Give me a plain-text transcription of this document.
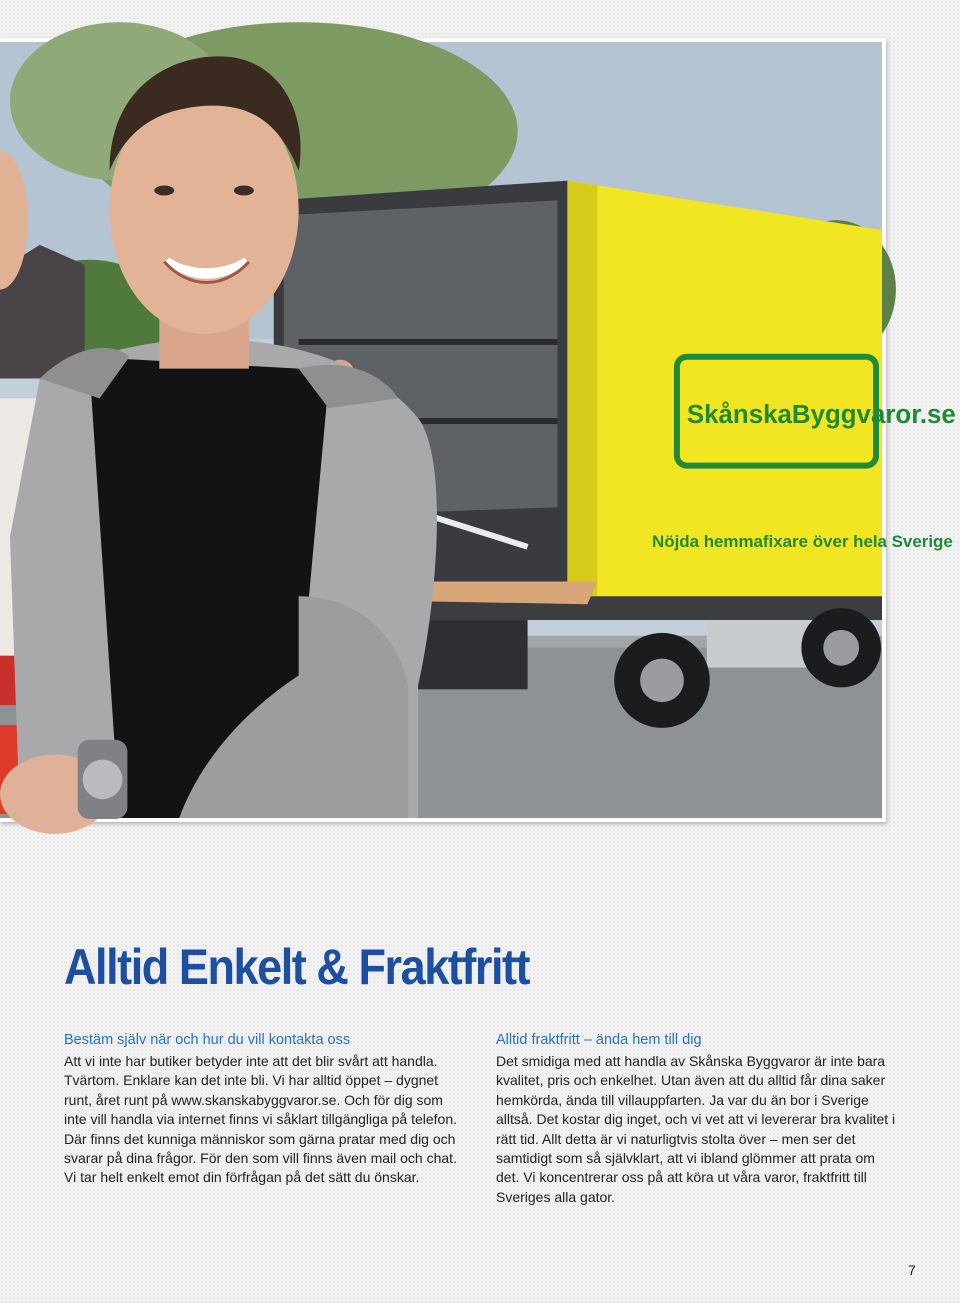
SkånskaByggvaror.se
Nöjda hemmafixare över hela Sverige
Alltid Enkelt & Fraktfritt
Bestäm själv när och hur du vill kontakta oss

Att vi inte har butiker betyder inte att det blir svårt att handla. Tvärtom. Enklare kan det inte bli. Vi har alltid öppet – dygnet runt, året runt på www.skanskabyggvaror.se. Och för dig som inte vill handla via internet finns vi såklart tillgängliga på telefon. Där finns det kunniga människor som gärna pratar med dig och svarar på dina frågor. För den som vill finns även mail och chat. Vi tar helt enkelt emot din förfrågan på det sätt du önskar.

Alltid fraktfritt – ända hem till dig

Det smidiga med att handla av Skånska Byggvaror är inte bara kvalitet, pris och enkelhet. Utan även att du alltid får dina saker hemkörda, ända till villauppfarten. Ja var du än bor i Sverige alltså. Det kostar dig inget, och vi vet att vi levererar bra kvalitet i rätt tid. Allt detta är vi naturligtvis stolta över – men ser det samtidigt som så självklart, att vi ibland glömmer att prata om det. Vi koncentrerar oss på att köra ut våra varor, fraktfritt till Sveriges alla gator.

7
